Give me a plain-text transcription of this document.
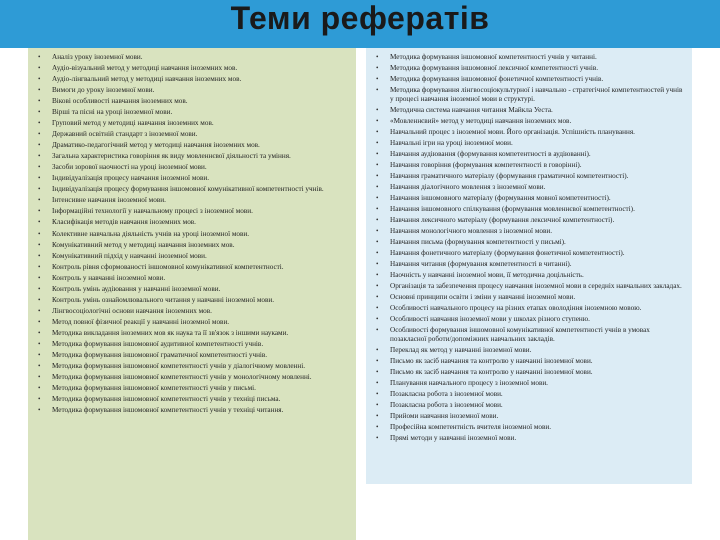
Теми рефератів
• Аналіз уроку іноземної мови.
• Аудіо-візуальний метод у методиці навчання іноземних мов.
• Аудіо-лінгвальний метод у методиці навчання іноземних мов.
• Вимоги до уроку іноземної мови.
• Вікові особливості навчання іноземних мов.
• Вірші та пісні на уроці іноземної мови.
• Груповий метод у методиці навчання іноземних мов.
• Державний освітній стандарт з іноземної мови.
• Драматико-педагогічний метод у методиці навчання іноземних мов.
• Загальна характеристика говоріння як виду мовленнєвої діяльності та уміння.
• Засоби зорової наочності на уроці іноземної мови.
• Індивідуалізація процесу навчання іноземної мови.
• Індивідуалізація процесу формування іншомовної комунікативної компетентності учнів.
• Інтенсивне навчання іноземної мови.
• Інформаційні технології у навчальному процесі з іноземної мови.
• Класифікація методів навчання іноземних мов.
• Колективне навчальна діяльність учнів на уроці іноземної мови.
• Комунікативний метод у методиці навчання іноземних мов.
• Комунікативний підхід у навчанні іноземної мови.
• Контроль рівня сформованості іншомовної комунікативної компетентності.
• Контроль у навчанні іноземної мови.
• Контроль умінь аудіювання у навчанні іноземної мови.
• Контроль умінь ознайомлювального читання у навчанні іноземної мови.
• Лінгвосоціологічні основи навчання іноземних мов.
• Метод повної фізичної реакції у навчанні іноземної мови.
• Методика викладання іноземних мов як наука та її зв'язок з іншими науками.
• Методика формування іншомовної аудитивної компетентності учнів.
• Методика формування іншомовної граматичної компетентності учнів.
• Методика формування іншомовної компетентності учнів у діалогічному мовленні.
• Методика формування іншомовної компетентності учнів у монологічному мовленні.
• Методика формування іншомовної компетентності учнів у письмі.
• Методика формування іншомовної компетентності учнів у техніці письма.
• Методика формування іншомовної компетентності учнів у техніці читання.
• Методика формування іншомовної компетентності учнів у читанні.
• Методика формування іншомовної лексичної компетентності учнів.
• Методика формування іншомовної фонетичної компетентності учнів.
• Методика формування лінгвосоціокультурної і навчально - стратегічної компетентностей учнів у процесі навчання іноземної мови в структурі.
• Методична система навчання читання Майкла Уеста.
• «Мовленнєвий» метод у методиці навчання іноземних мов.
• Навчальний процес з іноземної мови. Його організація. Успішність планування.
• Навчальні ігри на уроці іноземної мови.
• Навчання аудіювання (формування компетентності в аудіюванні).
• Навчання говоріння (формування компетентності в говорінні).
• Навчання граматичного матеріалу (формування граматичної компетентності).
• Навчання діалогічного мовлення з іноземної мови.
• Навчання іншомовного матеріалу (формування мовної компетентності).
• Навчання іншомовного спілкування (формування мовленнєвої компетентності).
• Навчання лексичного матеріалу (формування лексичної компетентності).
• Навчання монологічного мовлення з іноземної мови.
• Навчання письма (формування компетентності у письмі).
• Навчання фонетичного матеріалу (формування фонетичної компетентності).
• Навчання читання (формування компетентності в читанні).
• Наочність у навчанні іноземної мови, її методична доцільність.
• Організація та забезпечення процесу навчання іноземної мови в середніх навчальних закладах.
• Основні принципи освіти і зміни у навчанні іноземної мови.
• Особливості навчального процесу на різних етапах оволодіння іноземною мовою.
• Особливості навчання іноземної мови у школах різного ступеню.
• Особливості формування іншомовної комунікативної компетентності учнів в умовах позакласної роботи/допоміжних навчальних закладів.
• Переклад як метод у навчанні іноземної мови.
• Письмо як засіб навчання та контролю у навчанні іноземної мови.
• Письмо як засіб навчання та контролю у навчанні іноземної мови.
• Планування навчального процесу з іноземної мови.
• Позакласна робота з іноземної мови.
• Позакласна робота з іноземної мови.
• Прийоми навчання іноземної мови.
• Професійна компетентність вчителя іноземної мови.
• Прямі методи у навчанні іноземної мови.
